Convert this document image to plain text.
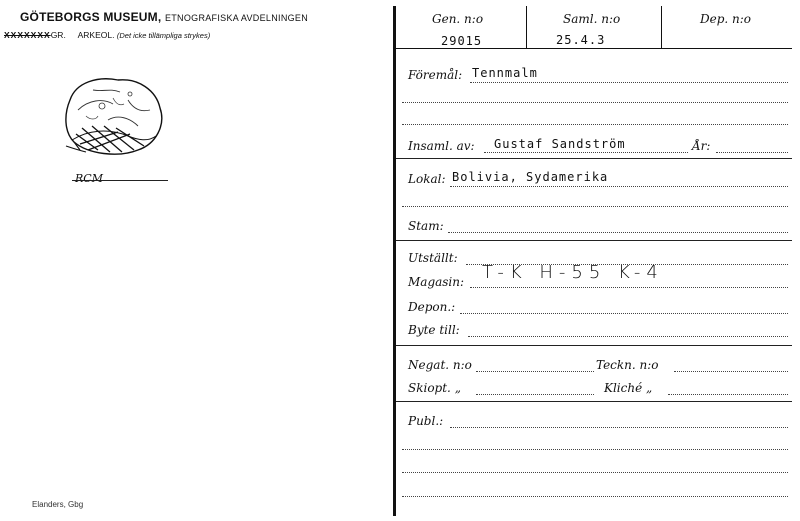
GÖTEBORGS MUSEUM, ETNOGRAFISKA AVDELNINGEN
XXXXXXXGR. ARKEOL. (Det icke tillämpliga strykes)
RCM
Elanders, Gbg
Gen. n:o
29015
Saml. n:o
25.4.3
Dep. n:o
Föremål: Tennmalm
Insaml. av: Gustaf Sandström	År:
Lokal: Bolivia, Sydamerika
Stam:
Utställt:
Magasin: T-K H-55 K-4
Depon.:
Byte till:
Negat. n:o	Teckn. n:o
Skiopt. „	Kliché „
Publ.:
